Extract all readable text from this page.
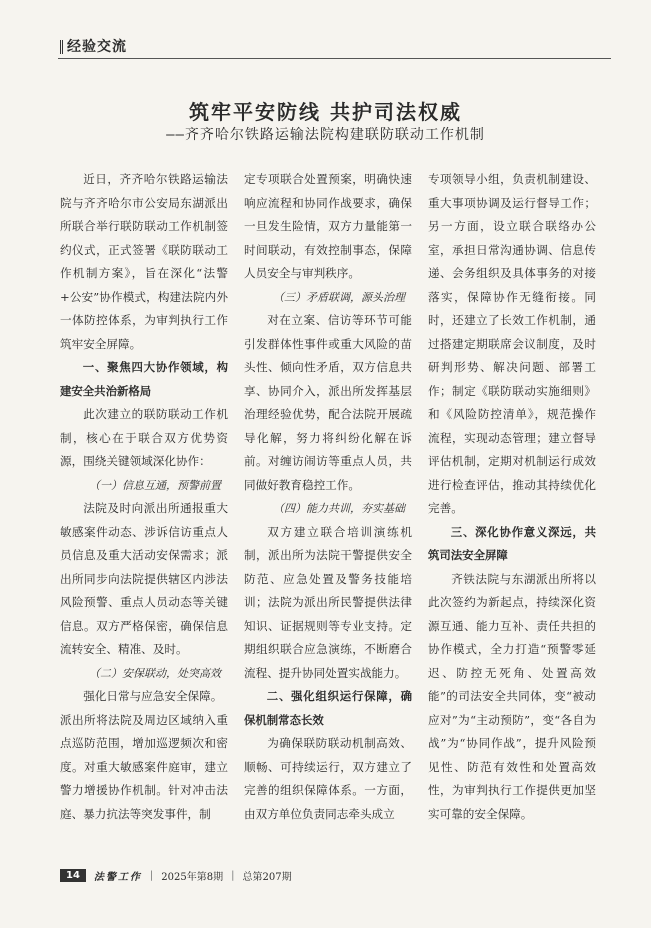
经验交流
筑牢平安防线 共护司法权威
——齐齐哈尔铁路运输法院构建联防联动工作机制

近日，齐齐哈尔铁路运输法院与齐齐哈尔市公安局东湖派出所联合举行联防联动工作机制签约仪式，正式签署《联防联动工作机制方案》，旨在深化“法警+公安”协作模式，构建法院内外一体防控体系，为审判执行工作筑牢安全屏障。

一、聚焦四大协作领域，构建安全共治新格局

此次建立的联防联动工作机制，核心在于联合双方优势资源，围绕关键领域深化协作：

（一）信息互通，预警前置

法院及时向派出所通报重大敏感案件动态、涉诉信访重点人员信息及重大活动安保需求；派出所同步向法院提供辖区内涉法风险预警、重点人员动态等关键信息。双方严格保密，确保信息流转安全、精准、及时。

（二）安保联动，处突高效

强化日常与应急安全保障。

派出所将法院及周边区域纳入重点巡防范围，增加巡逻频次和密度。对重大敏感案件庭审，建立警力增援协作机制。针对冲击法庭、暴力抗法等突发事件，制

定专项联合处置预案，明确快速响应流程和协同作战要求，确保一旦发生险情，双方力量能第一时间联动，有效控制事态，保障人员安全与审判秩序。

（三）矛盾联调，源头治理

对在立案、信访等环节可能引发群体性事件或重大风险的苗头性、倾向性矛盾，双方信息共享、协同介入，派出所发挥基层治理经验优势，配合法院开展疏导化解，努力将纠纷化解在诉前。对缠访闹访等重点人员，共同做好教育稳控工作。

（四）能力共训，夯实基础

双方建立联合培训演练机制，派出所为法院干警提供安全防范、应急处置及警务技能培训；法院为派出所民警提供法律知识、证据规则等专业支持。定期组织联合应急演练，不断磨合流程、提升协同处置实战能力。

二、强化组织运行保障，确保机制常态长效

为确保联防联动机制高效、顺畅、可持续运行，双方建立了完善的组织保障体系。一方面，由双方单位负责同志牵头成立

专项领导小组，负责机制建设、重大事项协调及运行督导工作；另一方面，设立联合联络办公室，承担日常沟通协调、信息传递、会务组织及具体事务的对接落实，保障协作无缝衔接。同时，还建立了长效工作机制，通过搭建定期联席会议制度，及时研判形势、解决问题、部署工作；制定《联防联动实施细则》和《风险防控清单》，规范操作流程，实现动态管理；建立督导评估机制，定期对机制运行成效进行检查评估，推动其持续优化完善。

三、深化协作意义深远，共筑司法安全屏障

齐铁法院与东湖派出所将以此次签约为新起点，持续深化资源互通、能力互补、责任共担的协作模式，全力打造“预警零延迟、防控无死角、处置高效能”的司法安全共同体，变“被动应对”为“主动预防”，变“各自为战”为“协同作战”，提升风险预见性、防范有效性和处置高效性，为审判执行工作提供更加坚实可靠的安全保障。

14	法警工作 | 2025年第8期 | 总第207期
